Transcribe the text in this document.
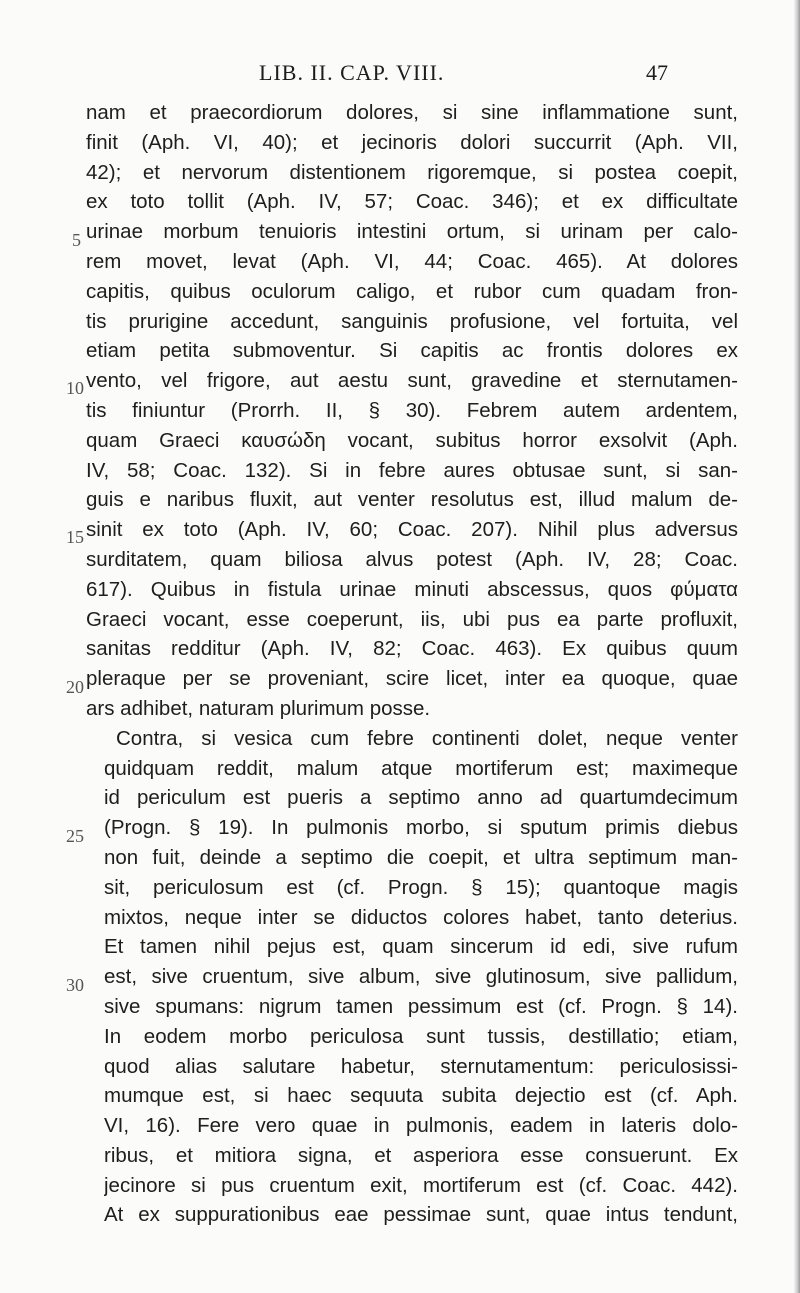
LIB. II. CAP. VIII.	47
nam et praecordiorum dolores, si sine inflammatione sunt,
finit (Aph. VI, 40); et jecinoris dolori succurrit (Aph. VII,
42); et nervorum distentionem rigoremque, si postea coepit,
ex toto tollit (Aph. IV, 57; Coac. 346); et ex difficultate
urinae morbum tenuioris intestini ortum, si urinam per calo-
rem movet, levat (Aph. VI, 44; Coac. 465). At dolores
capitis, quibus oculorum caligo, et rubor cum quadam fron-
tis prurigine accedunt, sanguinis profusione, vel fortuita, vel
etiam petita submoventur. Si capitis ac frontis dolores ex
vento, vel frigore, aut aestu sunt, gravedine et sternutamen-
tis finiuntur (Prorrh. II, § 30). Febrem autem ardentem,
quam Graeci καυσώδη vocant, subitus horror exsolvit (Aph.
IV, 58; Coac. 132). Si in febre aures obtusae sunt, si san-
guis e naribus fluxit, aut venter resolutus est, illud malum de-
sinit ex toto (Aph. IV, 60; Coac. 207). Nihil plus adversus
surditatem, quam biliosa alvus potest (Aph. IV, 28; Coac.
617). Quibus in fistula urinae minuti abscessus, quos φύματα
Graeci vocant, esse coeperunt, iis, ubi pus ea parte profluxit,
sanitas redditur (Aph. IV, 82; Coac. 463). Ex quibus quum
pleraque per se proveniant, scire licet, inter ea quoque, quae
ars adhibet, naturam plurimum posse.
Contra, si vesica cum febre continenti dolet, neque venter
quidquam reddit, malum atque mortiferum est; maximeque
id periculum est pueris a septimo anno ad quartumdecimum
(Progn. § 19). In pulmonis morbo, si sputum primis diebus
non fuit, deinde a septimo die coepit, et ultra septimum man-
sit, periculosum est (cf. Progn. § 15); quantoque magis
mixtos, neque inter se diductos colores habet, tanto deterius.
Et tamen nihil pejus est, quam sincerum id edi, sive rufum
est, sive cruentum, sive album, sive glutinosum, sive pallidum,
sive spumans: nigrum tamen pessimum est (cf. Progn. § 14).
In eodem morbo periculosa sunt tussis, destillatio; etiam,
quod alias salutare habetur, sternutamentum: periculosissi-
mumque est, si haec sequuta subita dejectio est (cf. Aph.
VI, 16). Fere vero quae in pulmonis, eadem in lateris dolo-
ribus, et mitiora signa, et asperiora esse consuerunt. Ex
jecinore si pus cruentum exit, mortiferum est (cf. Coac. 442).
At ex suppurationibus eae pessimae sunt, quae intus tendunt,
5
10
15
20
25
30
